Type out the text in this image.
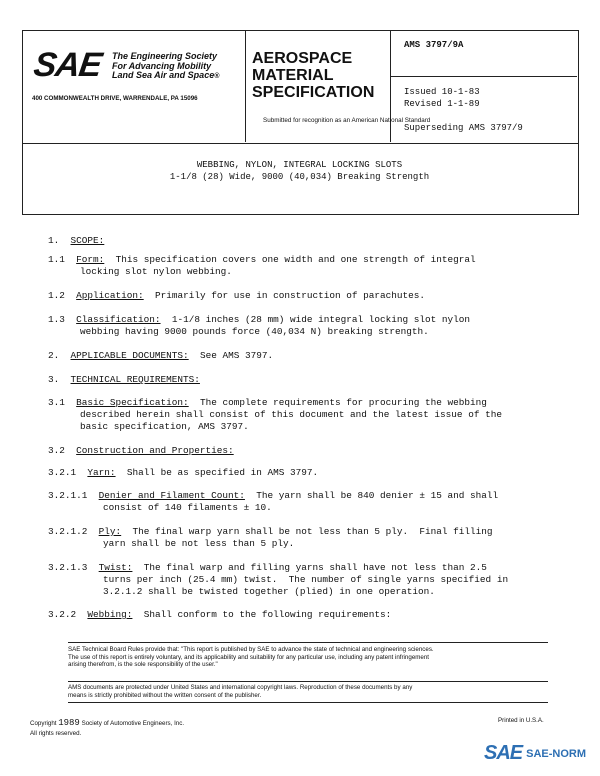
SAE The Engineering Society
For Advancing Mobility
Land Sea Air and Space®
400 COMMONWEALTH DRIVE, WARRENDALE, PA 15096
AEROSPACE
MATERIAL
SPECIFICATION
Submitted for recognition as an American National Standard
AMS 3797/9A
Issued 10-1-83
Revised 1-1-89
Superseding AMS 3797/9
WEBBING, NYLON, INTEGRAL LOCKING SLOTS
1-1/8 (28) Wide, 9000 (40,034) Breaking Strength
1. SCOPE:
1.1 Form: This specification covers one width and one strength of integral
locking slot nylon webbing.
1.2 Application: Primarily for use in construction of parachutes.
1.3 Classification: 1-1/8 inches (28 mm) wide integral locking slot nylon
webbing having 9000 pounds force (40,034 N) breaking strength.
2. APPLICABLE DOCUMENTS: See AMS 3797.
3. TECHNICAL REQUIREMENTS:
3.1 Basic Specification: The complete requirements for procuring the webbing
described herein shall consist of this document and the latest issue of the
basic specification, AMS 3797.
3.2 Construction and Properties:
3.2.1 Yarn: Shall be as specified in AMS 3797.
3.2.1.1 Denier and Filament Count: The yarn shall be 840 denier ± 15 and shall
consist of 140 filaments ± 10.
3.2.1.2 Ply: The final warp yarn shall be not less than 5 ply.  Final filling
yarn shall be not less than 5 ply.
3.2.1.3 Twist: The final warp and filling yarns shall have not less than 2.5
turns per inch (25.4 mm) twist.  The number of single yarns specified in
3.2.1.2 shall be twisted together (plied) in one operation.
3.2.2 Webbing: Shall conform to the following requirements:
SAE Technical Board Rules provide that: "This report is published by SAE to advance the state of technical and engineering sciences.
The use of this report is entirely voluntary, and its applicability and suitability for any particular use, including any patent infringement
arising therefrom, is the sole responsibility of the user."
AMS documents are protected under United States and international copyright laws. Reproduction of these documents by any
means is strictly prohibited without the written consent of the publisher.
Copyright 1989 Society of Automotive Engineers, Inc.
All rights reserved.
Printed in U.S.A.
SAE SAE-NORM
